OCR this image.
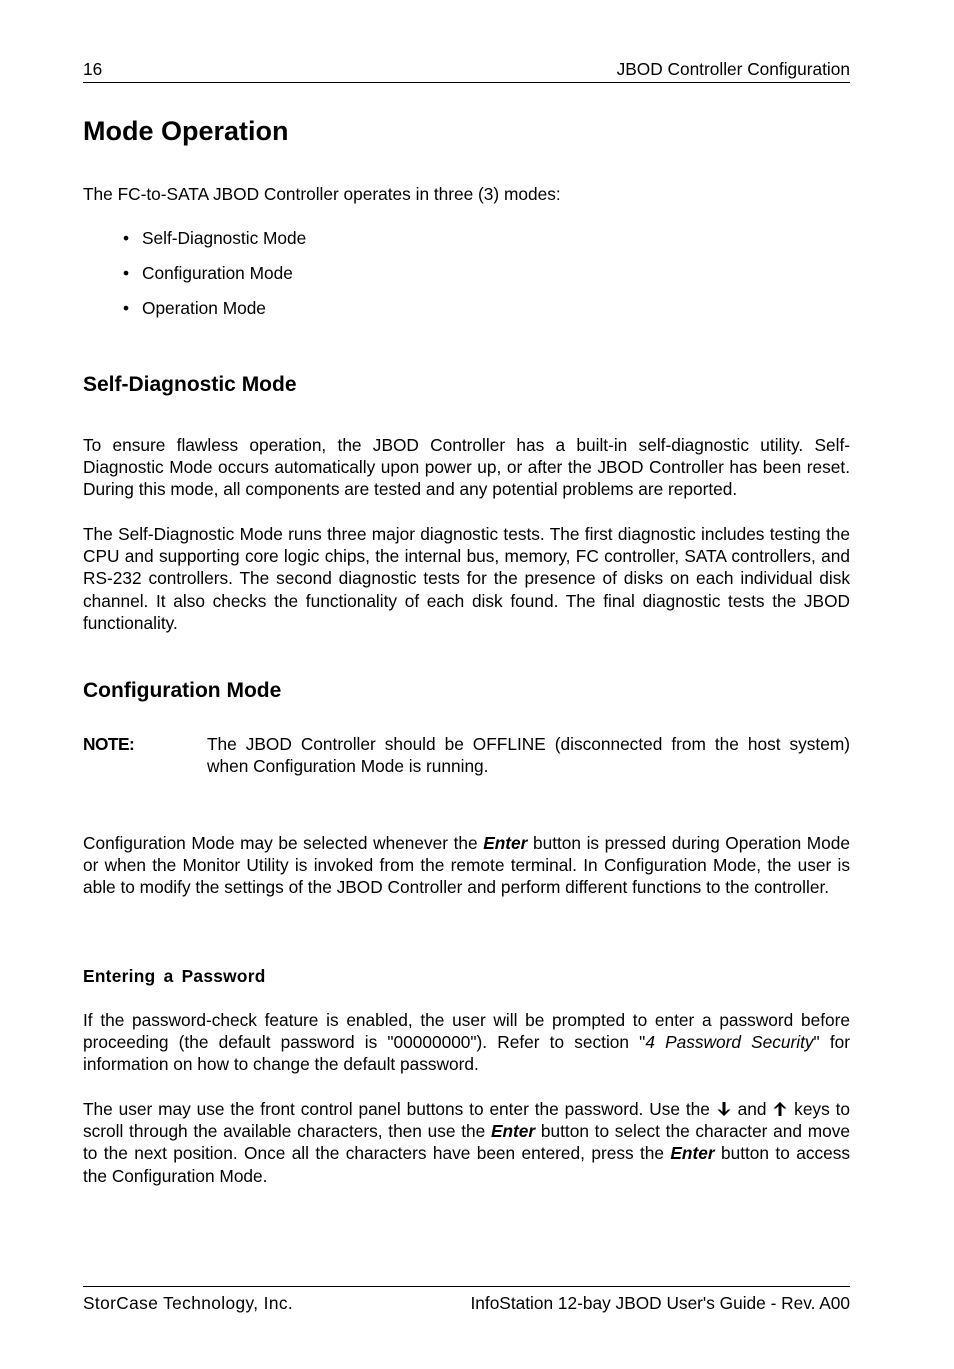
16	JBOD Controller Configuration
Mode Operation

The FC-to-SATA JBOD Controller operates in three (3) modes:

• Self-Diagnostic Mode
• Configuration Mode
• Operation Mode
Self-Diagnostic Mode

To ensure flawless operation, the JBOD Controller has a built-in self-diagnostic utility. Self-Diagnostic Mode occurs automatically upon power up, or after the JBOD Controller has been reset. During this mode, all components are tested and any potential problems are reported.

The Self-Diagnostic Mode runs three major diagnostic tests. The first diagnostic includes testing the CPU and supporting core logic chips, the internal bus, memory, FC controller, SATA controllers, and RS-232 controllers. The second diagnostic tests for the presence of disks on each individual disk channel. It also checks the functionality of each disk found. The final diagnostic tests the JBOD functionality.

Configuration Mode
NOTE:	The JBOD Controller should be OFFLINE (disconnected from the host system) when Configuration Mode is running.

Configuration Mode may be selected whenever the Enter button is pressed during Operation Mode or when the Monitor Utility is invoked from the remote terminal. In Configuration Mode, the user is able to modify the settings of the JBOD Controller and perform different functions to the controller.

Entering a Password

If the password-check feature is enabled, the user will be prompted to enter a password before proceeding (the default password is "00000000"). Refer to section "4 Password Security" for information on how to change the default password.

The user may use the front control panel buttons to enter the password. Use the  and  keys to scroll through the available characters, then use the Enter button to select the character and move to the next position. Once all the characters have been entered, press the Enter button to access the Configuration Mode.

StorCase Technology, Inc.	InfoStation 12-bay JBOD User's Guide - Rev. A00
